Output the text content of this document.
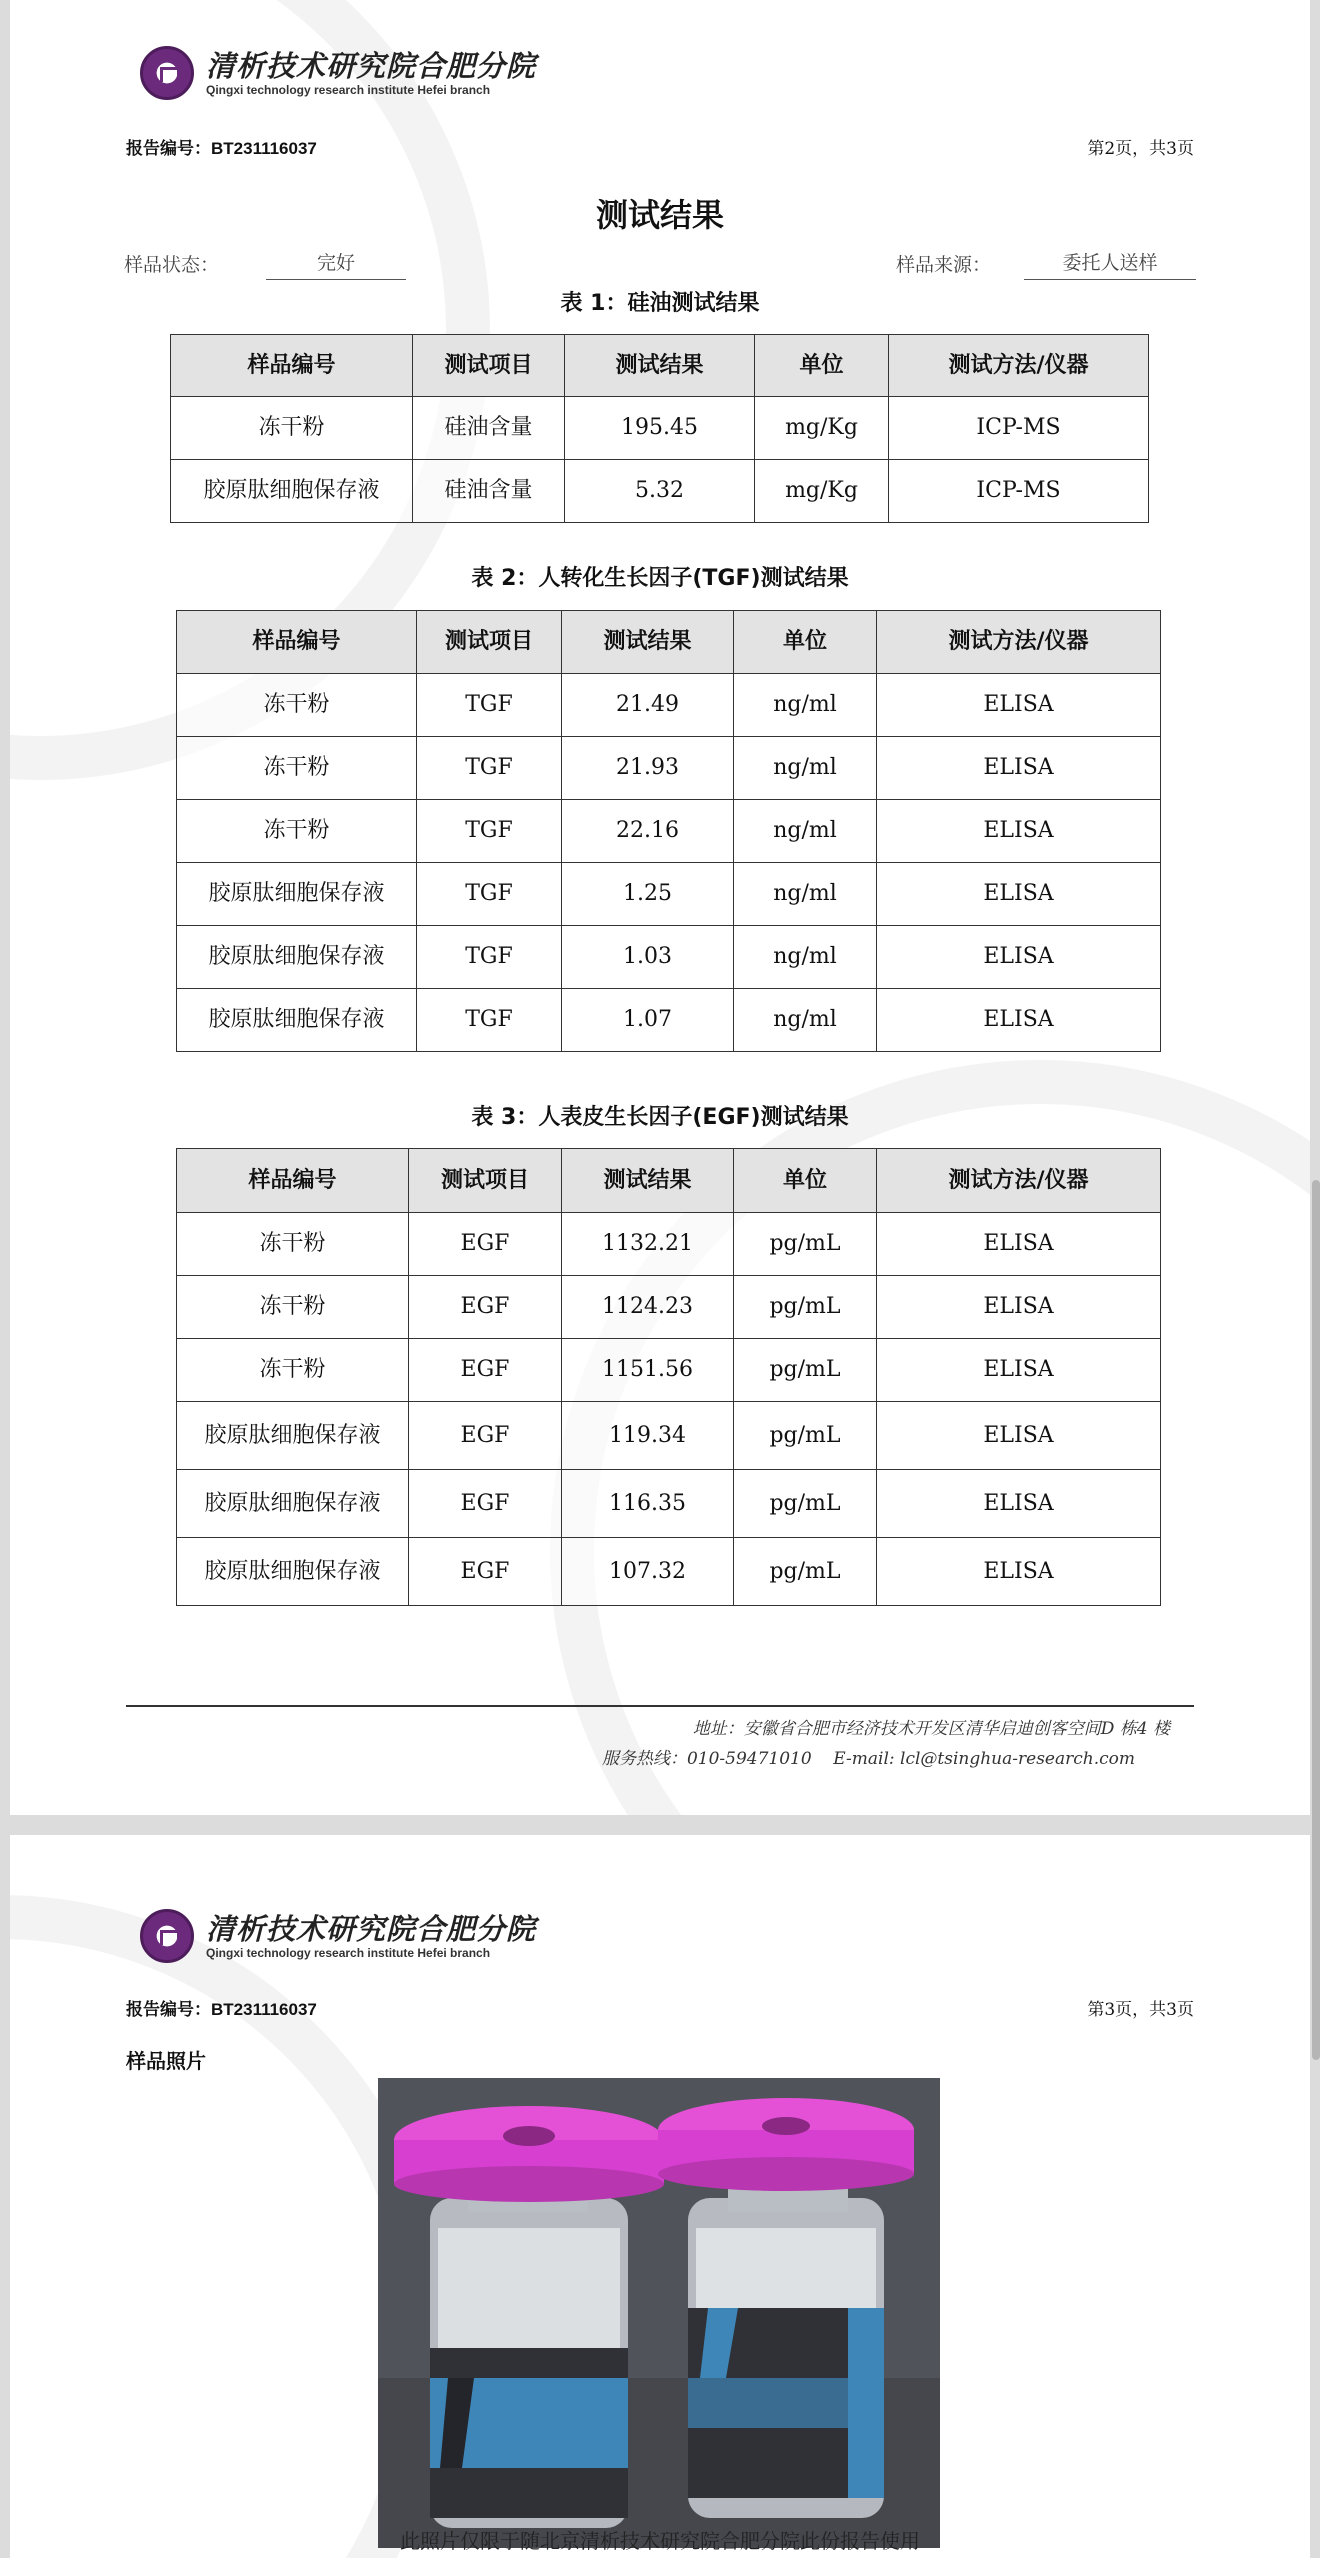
清析技术研究院合肥分院
Qingxi technology research institute Hefei branch
报告编号：BT231116037	第2页，共3页
测试结果
样品状态：	完好	样品来源：	委托人送样
表 1：硅油测试结果
样品编号	测试项目	测试结果	单位	测试方法/仪器
冻干粉	硅油含量	195.45	mg/Kg	ICP-MS
胶原肽细胞保存液	硅油含量	5.32	mg/Kg	ICP-MS
表 2：人转化生长因子(TGF)测试结果
样品编号	测试项目	测试结果	单位	测试方法/仪器
冻干粉	TGF	21.49	ng/ml	ELISA
冻干粉	TGF	21.93	ng/ml	ELISA
冻干粉	TGF	22.16	ng/ml	ELISA
胶原肽细胞保存液	TGF	1.25	ng/ml	ELISA
胶原肽细胞保存液	TGF	1.03	ng/ml	ELISA
胶原肽细胞保存液	TGF	1.07	ng/ml	ELISA
表 3：人表皮生长因子(EGF)测试结果
样品编号	测试项目	测试结果	单位	测试方法/仪器
冻干粉	EGF	1132.21	pg/mL	ELISA
冻干粉	EGF	1124.23	pg/mL	ELISA
冻干粉	EGF	1151.56	pg/mL	ELISA
胶原肽细胞保存液	EGF	119.34	pg/mL	ELISA
胶原肽细胞保存液	EGF	116.35	pg/mL	ELISA
胶原肽细胞保存液	EGF	107.32	pg/mL	ELISA
地址：安徽省合肥市经济技术开发区清华启迪创客空间D 栋4 楼
服务热线：010-59471010    E-mail: lcl@tsinghua-research.com
清析技术研究院合肥分院
Qingxi technology research institute Hefei branch
报告编号：BT231116037	第3页，共3页
样品照片
此照片仅限于随北京清析技术研究院合肥分院此份报告使用
